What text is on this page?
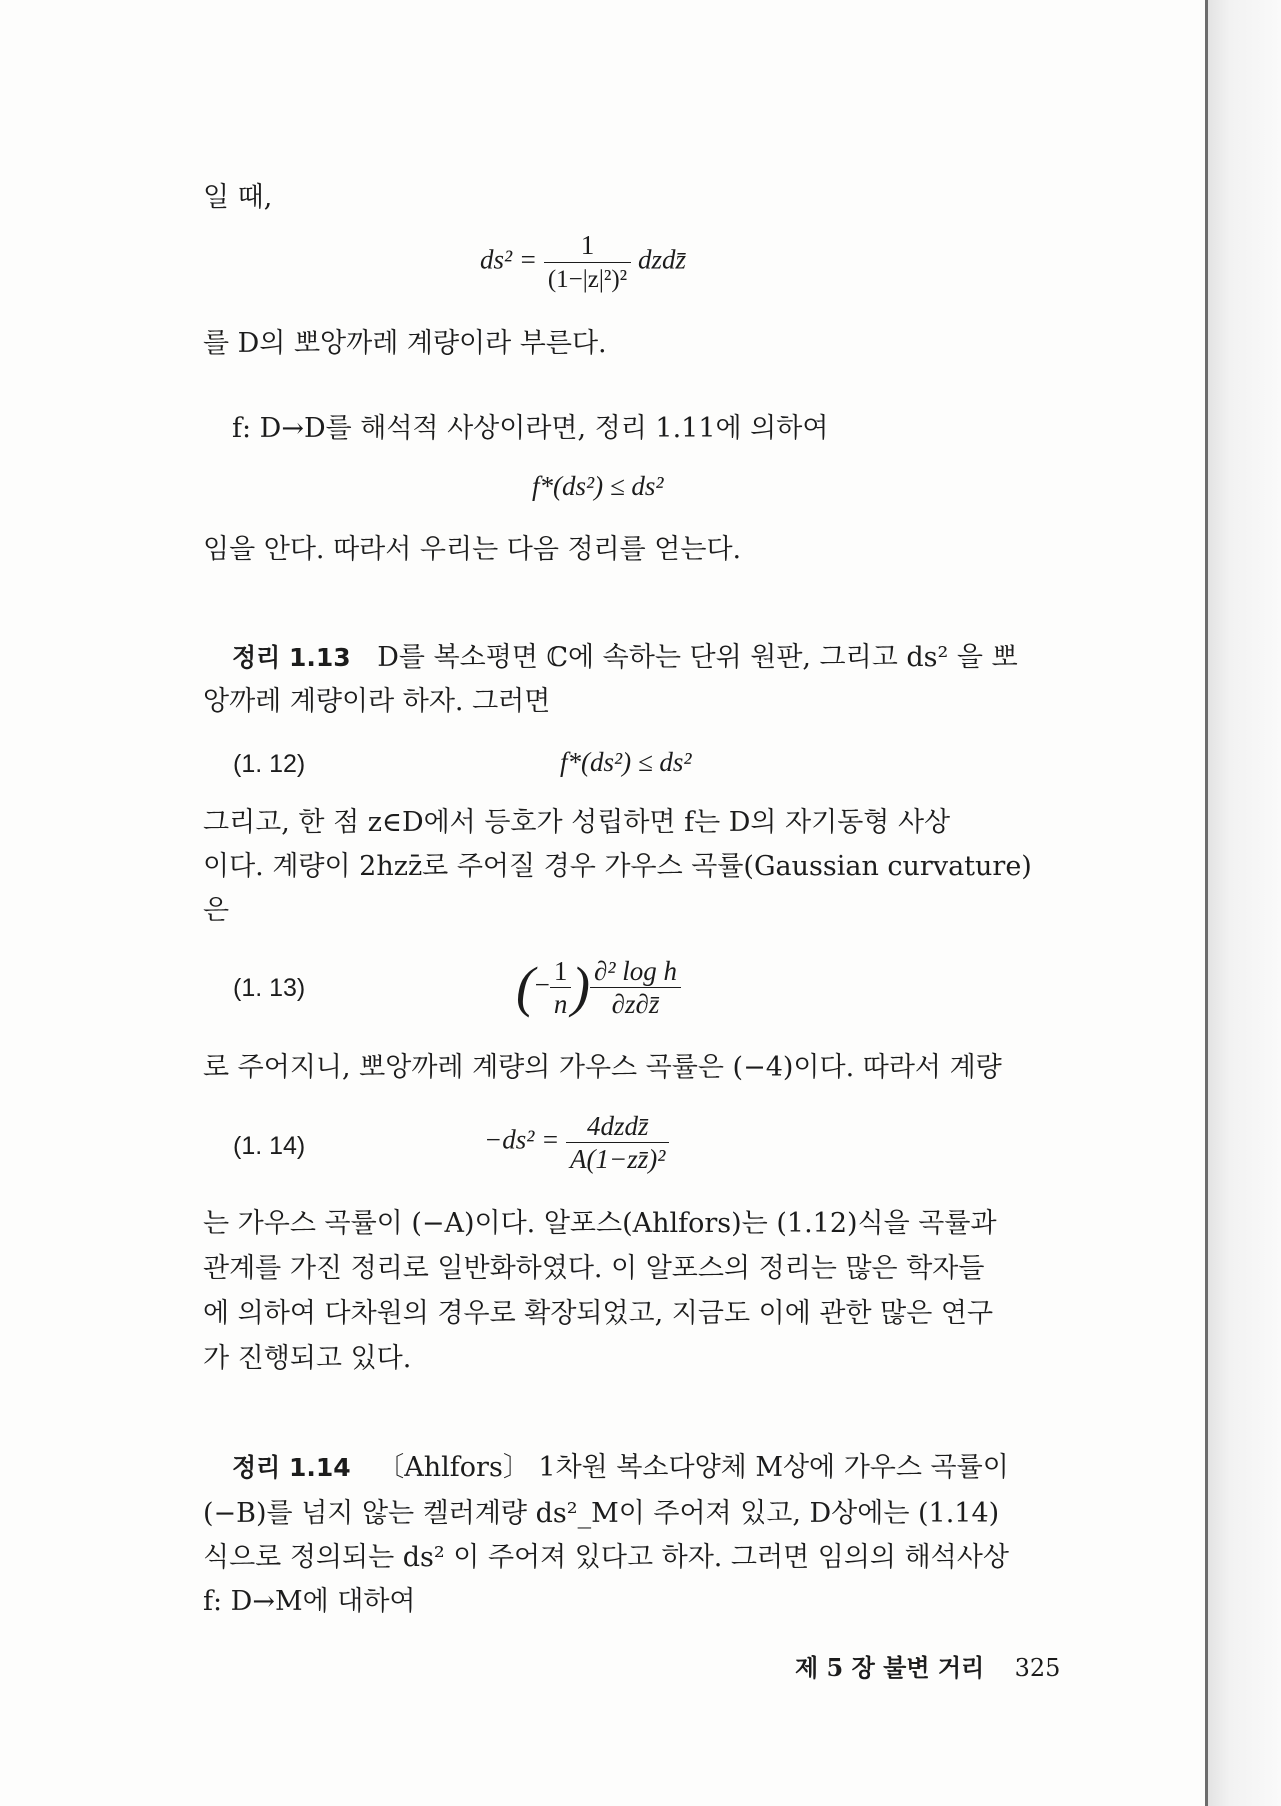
일 때,
$ds^2 = \frac{1}{\text{(1−|z|²)²}}$ dzdz̄
를 D의 뽀앙까레 계량이라 부른다.
f: D→D를 해석적 사상이라면, 정리 1.11에 의하여
f*(ds²) ≤ ds²
임을 안다. 따라서 우리는 다음 정리를 얻는다.
정리 1.13 D를 복소평면 ℂ에 속하는 단위 원판, 그리고 ds² 을 뽀
앙까레 계량이라 하자. 그러면
(1. 12)	f*(ds²) ≤ ds²
그리고, 한 점 z∈D에서 등호가 성립하면 f는 D의 자기동형 사상
이다. 계량이 2hzz̄로 주어질 경우 가우스 곡률(Gaussian curvature)
은
(1. 13)	(− $\frac{1}{n}$ ) $\frac{\text{∂² log h}}{\partial z\partial z̄}$
로 주어지니, 뽀앙까레 계량의 가우스 곡률은 (−4)이다. 따라서 계량
(1. 14)	$-ds^2 = \frac{\text{4dzdz̄}}{\text{A(1−zz̄)²}}$
는 가우스 곡률이 (−A)이다. 알포스(Ahlfors)는 (1.12)식을 곡률과
관계를 가진 정리로 일반화하였다. 이 알포스의 정리는 많은 학자들
에 의하여 다차원의 경우로 확장되었고, 지금도 이에 관한 많은 연구
가 진행되고 있다.
정리 1.14 〔Ahlfors〕 1차원 복소다양체 M상에 가우스 곡률이
(−B)를 넘지 않는 켈러계량 ds²_M이 주어져 있고, D상에는 (1.14)
식으로 정의되는 ds² 이 주어져 있다고 하자. 그러면 임의의 해석사상
f: D→M에 대하여
제 5 장 불변 거리 325
